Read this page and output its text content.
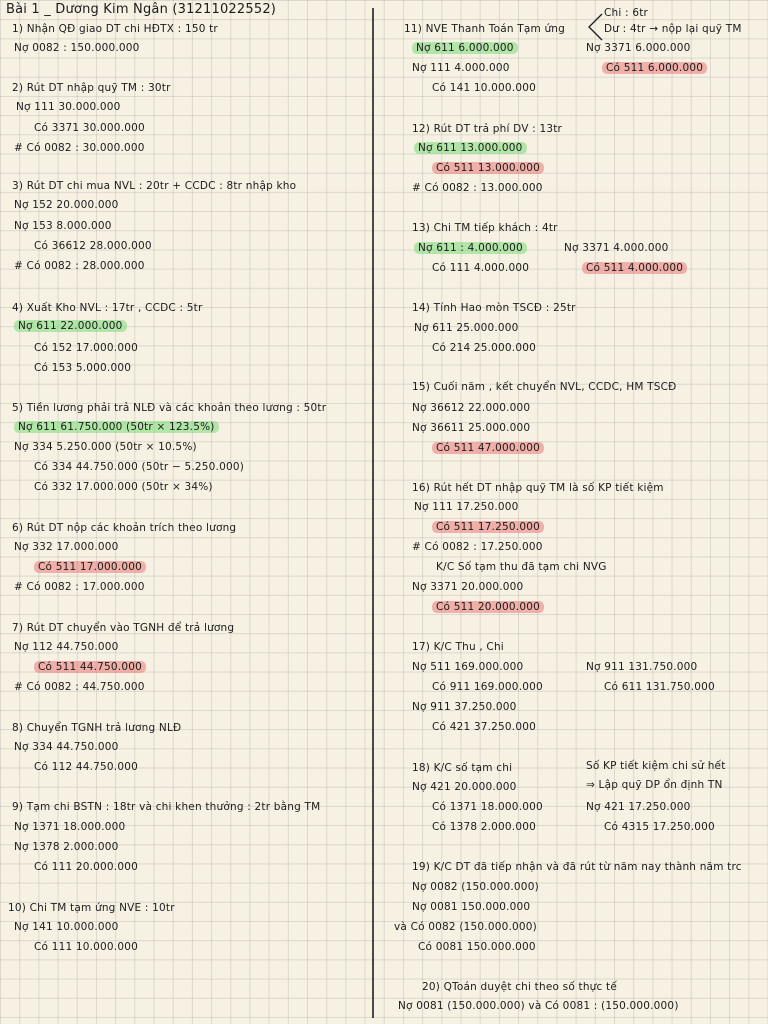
Bài 1 _ Dương Kim Ngân (31211022552)
1) Nhận QĐ giao DT chi HĐTX : 150 tr
Nợ 0082 : 150.000.000
2) Rút DT nhập quỹ TM : 30tr
Nợ 111 30.000.000
Có 3371 30.000.000
# Có 0082 : 30.000.000
3) Rút DT chi mua NVL : 20tr + CCDC : 8tr nhập kho
Nợ 152 20.000.000
Nợ 153 8.000.000
Có 36612 28.000.000
# Có 0082 : 28.000.000
4) Xuất Kho NVL : 17tr , CCDC : 5tr
Nợ 611 22.000.000
Có 152 17.000.000
Có 153 5.000.000
5) Tiền lương phải trả NLĐ và các khoản theo lương : 50tr
Nợ 611 61.750.000 (50tr × 123.5%)
Nợ 334 5.250.000 (50tr × 10.5%)
Có 334 44.750.000 (50tr − 5.250.000)
Có 332 17.000.000 (50tr × 34%)
6) Rút DT nộp các khoản trích theo lương
Nợ 332 17.000.000
Có 511 17.000.000
# Có 0082 : 17.000.000
7) Rút DT chuyển vào TGNH để trả lương
Nợ 112 44.750.000
Có 511 44.750.000
# Có 0082 : 44.750.000
8) Chuyển TGNH trả lương NLĐ
Nợ 334 44.750.000
Có 112 44.750.000
9) Tạm chi BSTN : 18tr và chi khen thưởng : 2tr bằng TM
Nợ 1371 18.000.000
Nợ 1378 2.000.000
Có 111 20.000.000
10) Chi TM tạm ứng NVE : 10tr
Nợ 141 10.000.000
Có 111 10.000.000
11) NVE Thanh Toán Tạm ứng
Chi : 6tr
Dư : 4tr → nộp lại quỹ TM
Nợ 611 6.000.000	Nợ 3371 6.000.000
Nợ 111 4.000.000	Có 511 6.000.000
Có 141 10.000.000
12) Rút DT trả phí DV : 13tr
Nợ 611 13.000.000
Có 511 13.000.000
# Có 0082 : 13.000.000
13) Chi TM tiếp khách : 4tr
Nợ 611 : 4.000.000	Nợ 3371 4.000.000
Có 111 4.000.000	Có 511 4.000.000
14) Tính Hao mòn TSCĐ : 25tr
Nợ 611 25.000.000
Có 214 25.000.000
15) Cuối năm , kết chuyển NVL, CCDC, HM TSCĐ
Nợ 36612 22.000.000
Nợ 36611 25.000.000
Có 511 47.000.000
16) Rút hết DT nhập quỹ TM là số KP tiết kiệm
Nợ 111 17.250.000
Có 511 17.250.000
# Có 0082 : 17.250.000
K/C Số tạm thu đã tạm chi NVG
Nợ 3371 20.000.000
Có 511 20.000.000
17) K/C Thu , Chi
Nợ 511 169.000.000	Nợ 911 131.750.000
Có 911 169.000.000	Có 611 131.750.000
Nợ 911 37.250.000
Có 421 37.250.000
18) K/C số tạm chi	Số KP tiết kiệm chi sử hết
⇒ Lập quỹ DP ổn định TN
Nợ 421 20.000.000
Có 1371 18.000.000	Nợ 421 17.250.000
Có 1378 2.000.000	Có 4315 17.250.000
19) K/C DT đã tiếp nhận và đã rút từ năm nay thành năm trc
Nợ 0082 (150.000.000)
Nợ 0081 150.000.000
và Có 0082 (150.000.000)
Có 0081 150.000.000
20) QToán duyệt chi theo số thực tế
Nợ 0081 (150.000.000) và Có 0081 : (150.000.000)
